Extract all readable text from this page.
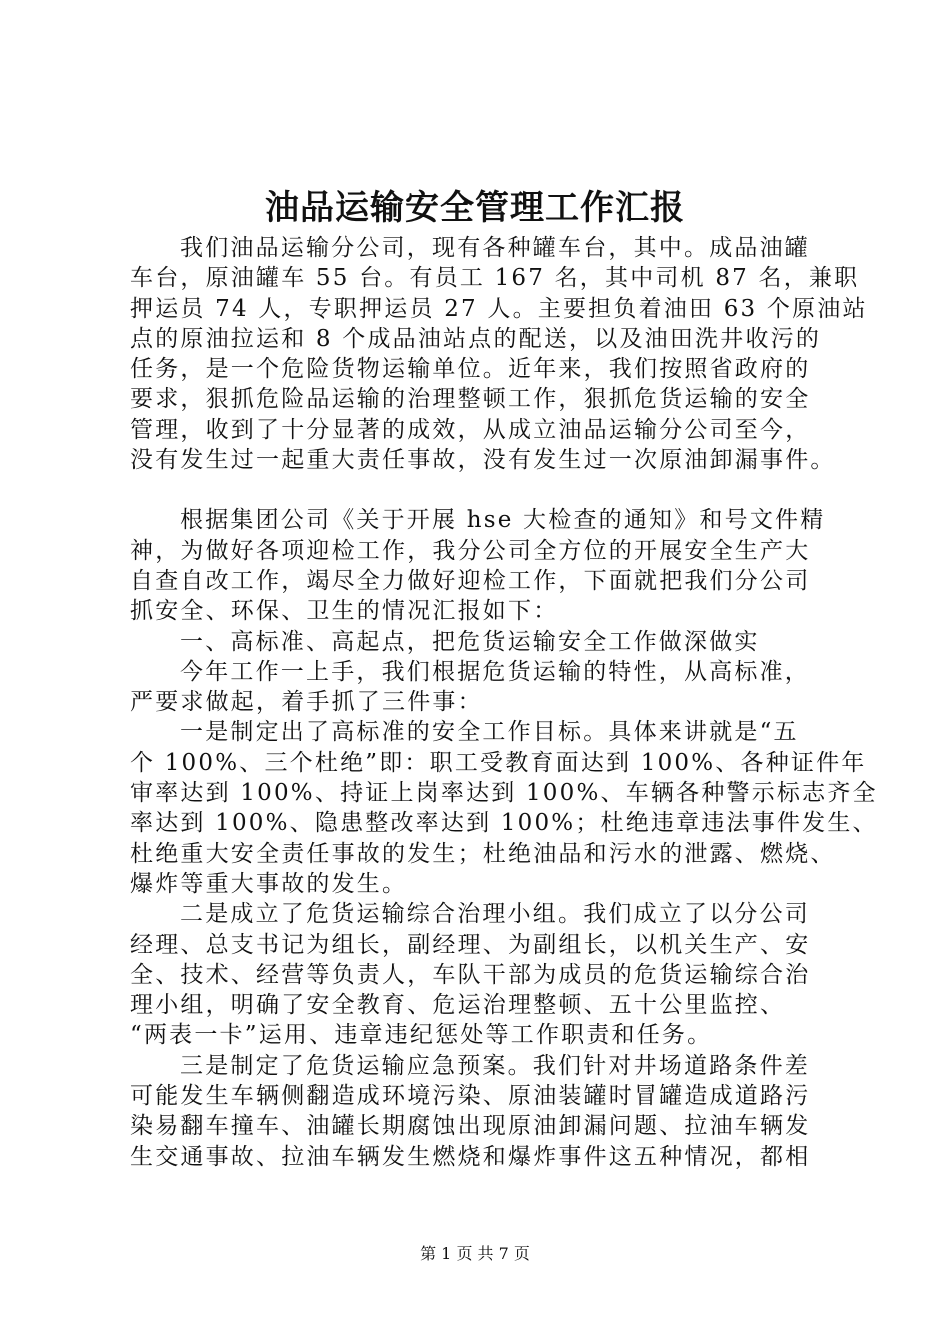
油品运输安全管理工作汇报
我们油品运输分公司，现有各种罐车台，其中。成品油罐
车台，原油罐车 55 台。有员工 167 名，其中司机 87 名，兼职
押运员 74 人，专职押运员 27 人。主要担负着油田 63 个原油站
点的原油拉运和 8 个成品油站点的配送，以及油田洗井收污的
任务，是一个危险货物运输单位。近年来，我们按照省政府的
要求，狠抓危险品运输的治理整顿工作，狠抓危货运输的安全
管理，收到了十分显著的成效，从成立油品运输分公司至今，
没有发生过一起重大责任事故，没有发生过一次原油卸漏事件。
根据集团公司《关于开展 hse 大检查的通知》和号文件精
神，为做好各项迎检工作，我分公司全方位的开展安全生产大
自查自改工作，竭尽全力做好迎检工作，下面就把我们分公司
抓安全、环保、卫生的情况汇报如下：
一、高标准、高起点，把危货运输安全工作做深做实
今年工作一上手，我们根据危货运输的特性，从高标准，
严要求做起，着手抓了三件事：
一是制定出了高标准的安全工作目标。具体来讲就是“五
个 100%、三个杜绝”即：职工受教育面达到 100%、各种证件年
审率达到 100%、持证上岗率达到 100%、车辆各种警示标志齐全
率达到 100%、隐患整改率达到 100%；杜绝违章违法事件发生、
杜绝重大安全责任事故的发生；杜绝油品和污水的泄露、燃烧、
爆炸等重大事故的发生。
二是成立了危货运输综合治理小组。我们成立了以分公司
经理、总支书记为组长，副经理、为副组长，以机关生产、安
全、技术、经营等负责人，车队干部为成员的危货运输综合治
理小组，明确了安全教育、危运治理整顿、五十公里监控、
“两表一卡”运用、违章违纪惩处等工作职责和任务。
三是制定了危货运输应急预案。我们针对井场道路条件差
可能发生车辆侧翻造成环境污染、原油装罐时冒罐造成道路污
染易翻车撞车、油罐长期腐蚀出现原油卸漏问题、拉油车辆发
生交通事故、拉油车辆发生燃烧和爆炸事件这五种情况，都相
第 1 页 共 7 页
